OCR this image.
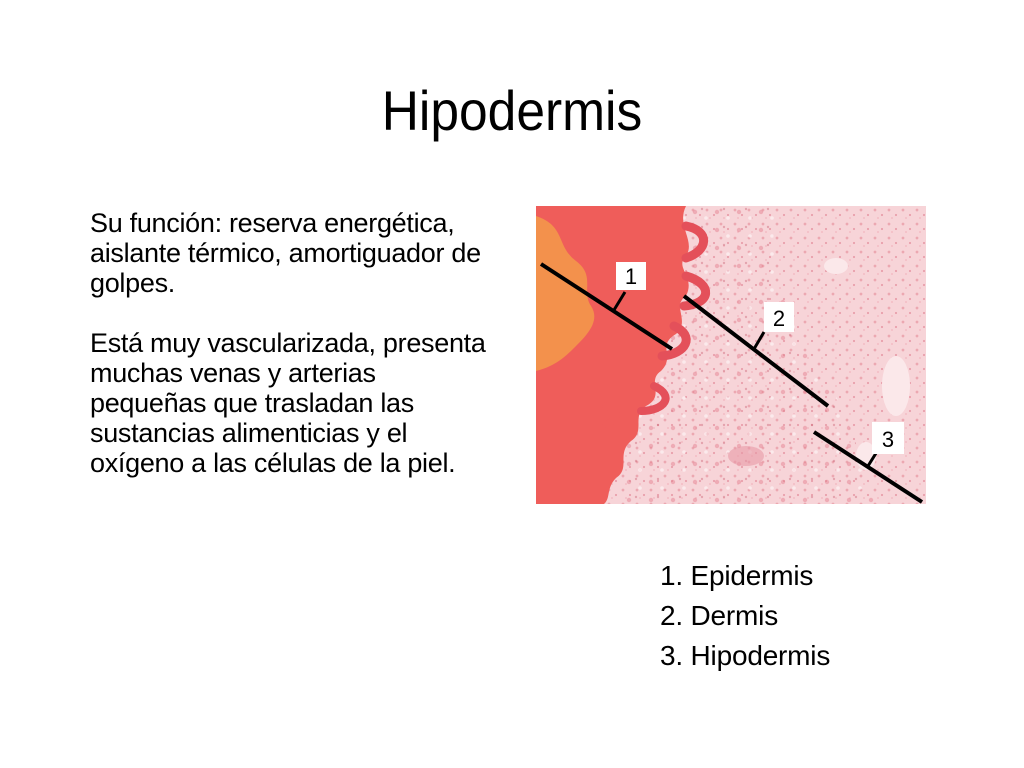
Hipodermis

Su función: reserva energética, aislante térmico, amortiguador de golpes.

Está muy vascularizada, presenta muchas venas y arterias pequeñas que trasladan las sustancias alimenticias y el oxígeno a las células de la piel.

1
2
3
1. Epidermis
2. Dermis
3. Hipodermis
